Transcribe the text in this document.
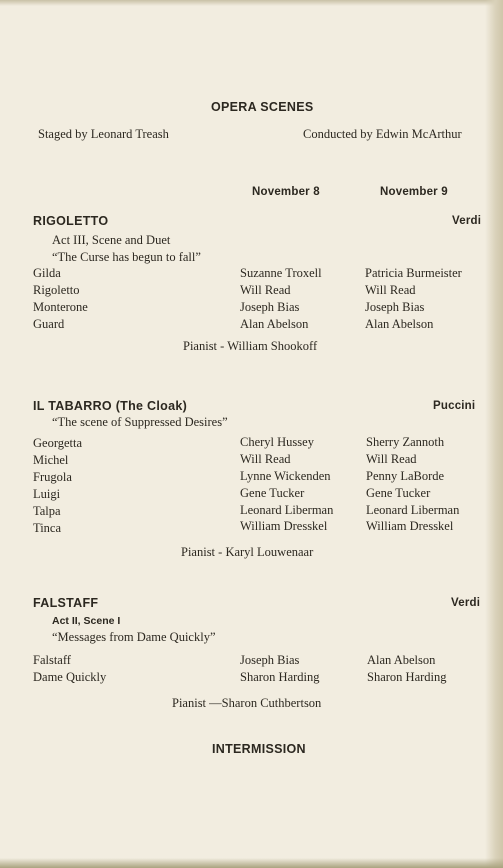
OPERA SCENES
Staged by Leonard Treash	Conducted by Edwin McArthur
November 8	November 9
RIGOLETTO	Verdi
Act III, Scene and Duet
“The Curse has begun to fall”
Gilda	Suzanne Troxell	Patricia Burmeister
Rigoletto	Will Read	Will Read
Monterone	Joseph Bias	Joseph Bias
Guard	Alan Abelson	Alan Abelson
Pianist - William Shookoff
IL TABARRO (The Cloak)	Puccini
“The scene of Suppressed Desires”
Georgetta	Cheryl Hussey	Sherry Zannoth
Michel	Will Read	Will Read
Frugola	Lynne Wickenden	Penny LaBorde
Luigi	Gene Tucker	Gene Tucker
Talpa	Leonard Liberman	Leonard Liberman
Tinca	William Dresskel	William Dresskel
Pianist - Karyl Louwenaar
FALSTAFF	Verdi
Act II, Scene I
“Messages from Dame Quickly”
Falstaff	Joseph Bias	Alan Abelson
Dame Quickly	Sharon Harding	Sharon Harding
Pianist —Sharon Cuthbertson
INTERMISSION
